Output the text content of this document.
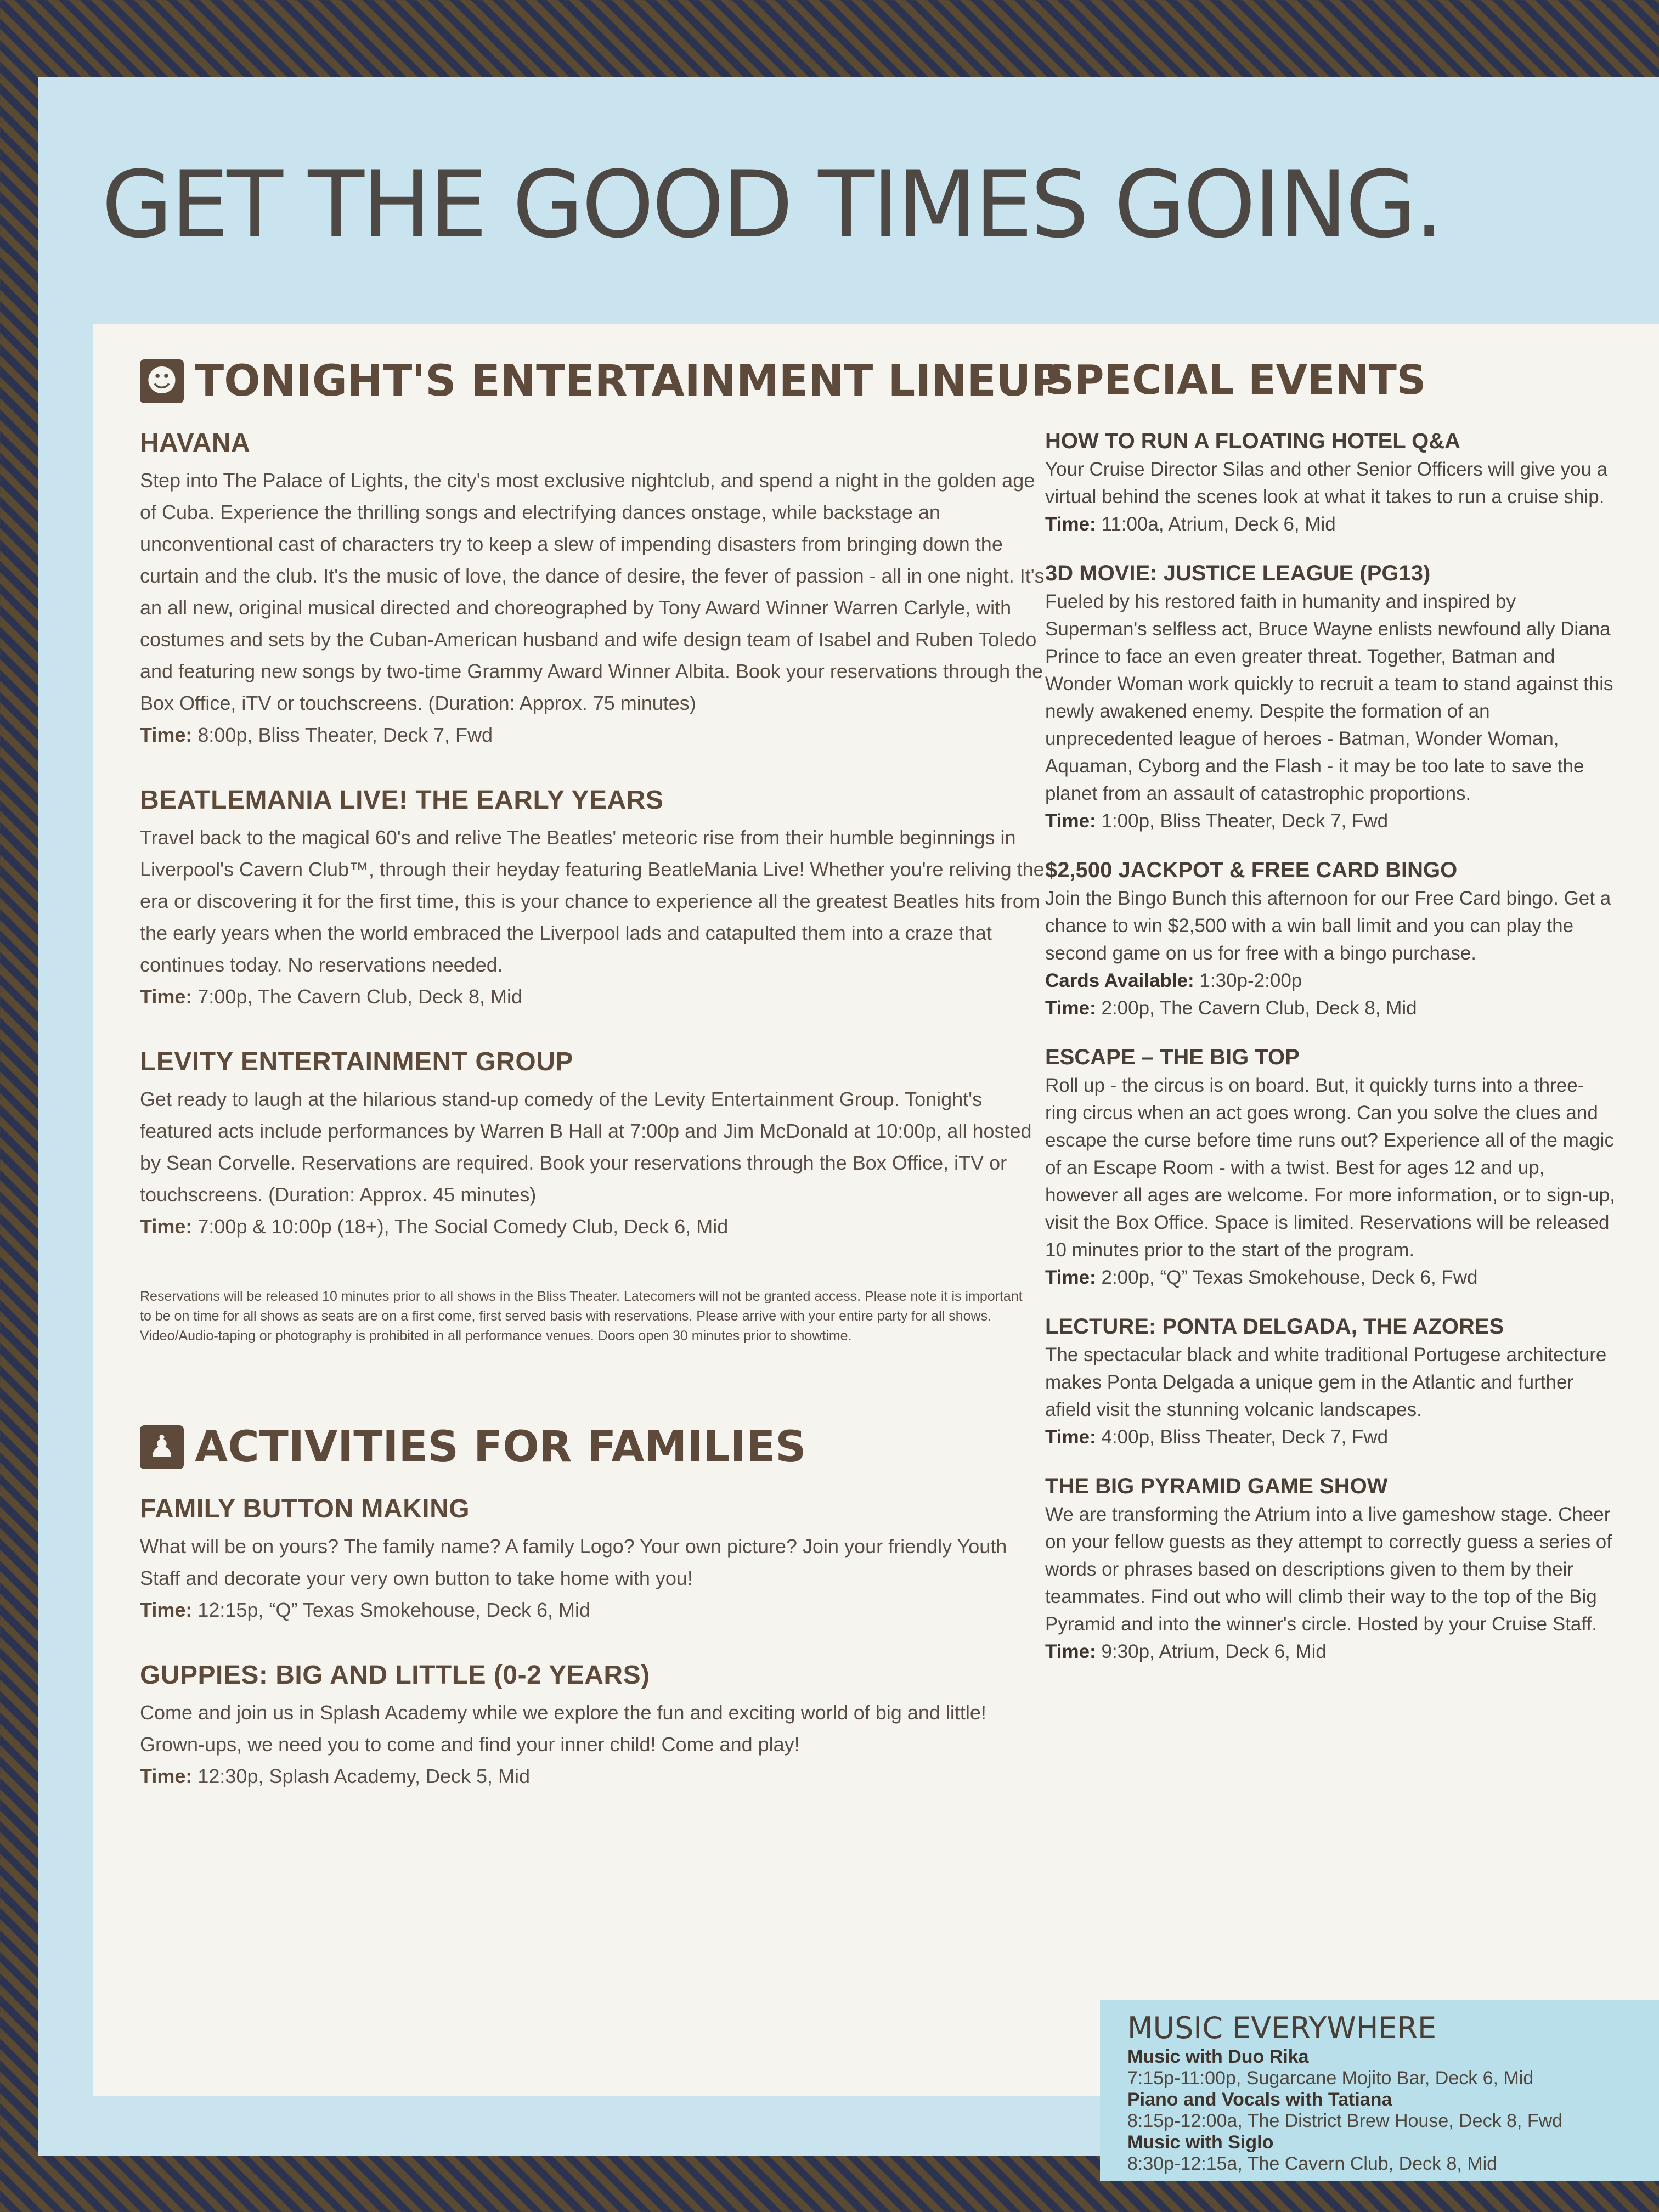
GET THE GOOD TIMES GOING.
☻ TONIGHT'S ENTERTAINMENT LINEUP
HAVANA

Step into The Palace of Lights, the city's most exclusive nightclub, and spend a night in the golden age of Cuba. Experience the thrilling songs and electrifying dances onstage, while backstage an unconventional cast of characters try to keep a slew of impending disasters from bringing down the curtain and the club. It's the music of love, the dance of desire, the fever of passion - all in one night. It's an all new, original musical directed and choreographed by Tony Award Winner Warren Carlyle, with costumes and sets by the Cuban-American husband and wife design team of Isabel and Ruben Toledo and featuring new songs by two-time Grammy Award Winner Albita. Book your reservations through the Box Office, iTV or touchscreens. (Duration: Approx. 75 minutes)

Time: 8:00p, Bliss Theater, Deck 7, Fwd

BEATLEMANIA LIVE! THE EARLY YEARS

Travel back to the magical 60's and relive The Beatles' meteoric rise from their humble beginnings in Liverpool's Cavern Club™, through their heyday featuring BeatleMania Live! Whether you're reliving the era or discovering it for the first time, this is your chance to experience all the greatest Beatles hits from the early years when the world embraced the Liverpool lads and catapulted them into a craze that continues today. No reservations needed.

Time: 7:00p, The Cavern Club, Deck 8, Mid

LEVITY ENTERTAINMENT GROUP

Get ready to laugh at the hilarious stand-up comedy of the Levity Entertainment Group. Tonight's featured acts include performances by Warren B Hall at 7:00p and Jim McDonald at 10:00p, all hosted by Sean Corvelle. Reservations are required. Book your reservations through the Box Office, iTV or touchscreens. (Duration: Approx. 45 minutes)

Time: 7:00p & 10:00p (18+), The Social Comedy Club, Deck 6, Mid

Reservations will be released 10 minutes prior to all shows in the Bliss Theater. Latecomers will not be granted access. Please note it is important to be on time for all shows as seats are on a first come, first served basis with reservations. Please arrive with your entire party for all shows. Video/Audio-taping or photography is prohibited in all performance venues. Doors open 30 minutes prior to showtime.

♟ ACTIVITIES FOR FAMILIES
FAMILY BUTTON MAKING

What will be on yours? The family name? A family Logo? Your own picture? Join your friendly Youth Staff and decorate your very own button to take home with you!

Time: 12:15p, “Q” Texas Smokehouse, Deck 6, Mid

GUPPIES: BIG AND LITTLE (0-2 YEARS)

Come and join us in Splash Academy while we explore the fun and exciting world of big and little! Grown-ups, we need you to come and find your inner child! Come and play!

Time: 12:30p, Splash Academy, Deck 5, Mid

SPECIAL EVENTS
HOW TO RUN A FLOATING HOTEL Q&A

Your Cruise Director Silas and other Senior Officers will give you a virtual behind the scenes look at what it takes to run a cruise ship.

Time: 11:00a, Atrium, Deck 6, Mid

3D MOVIE: JUSTICE LEAGUE (PG13)

Fueled by his restored faith in humanity and inspired by Superman's selfless act, Bruce Wayne enlists newfound ally Diana Prince to face an even greater threat. Together, Batman and Wonder Woman work quickly to recruit a team to stand against this newly awakened enemy. Despite the formation of an unprecedented league of heroes - Batman, Wonder Woman, Aquaman, Cyborg and the Flash - it may be too late to save the planet from an assault of catastrophic proportions.

Time: 1:00p, Bliss Theater, Deck 7, Fwd

$2,500 JACKPOT & FREE CARD BINGO

Join the Bingo Bunch this afternoon for our Free Card bingo. Get a chance to win $2,500 with a win ball limit and you can play the second game on us for free with a bingo purchase.

Cards Available: 1:30p-2:00p

Time: 2:00p, The Cavern Club, Deck 8, Mid

ESCAPE – THE BIG TOP

Roll up - the circus is on board. But, it quickly turns into a three-ring circus when an act goes wrong. Can you solve the clues and escape the curse before time runs out? Experience all of the magic of an Escape Room - with a twist. Best for ages 12 and up, however all ages are welcome. For more information, or to sign-up, visit the Box Office. Space is limited. Reservations will be released 10 minutes prior to the start of the program.

Time: 2:00p, “Q” Texas Smokehouse, Deck 6, Fwd

LECTURE: PONTA DELGADA, THE AZORES

The spectacular black and white traditional Portugese architecture makes Ponta Delgada a unique gem in the Atlantic and further afield visit the stunning volcanic landscapes.

Time: 4:00p, Bliss Theater, Deck 7, Fwd

THE BIG PYRAMID GAME SHOW

We are transforming the Atrium into a live gameshow stage. Cheer on your fellow guests as they attempt to correctly guess a series of words or phrases based on descriptions given to them by their teammates. Find out who will climb their way to the top of the Big Pyramid and into the winner's circle. Hosted by your Cruise Staff.

Time: 9:30p, Atrium, Deck 6, Mid

MUSIC EVERYWHERE
Music with Duo Rika
7:15p-11:00p, Sugarcane Mojito Bar, Deck 6, Mid
Piano and Vocals with Tatiana
8:15p-12:00a, The District Brew House, Deck 8, Fwd
Music with Siglo
8:30p-12:15a, The Cavern Club, Deck 8, Mid
